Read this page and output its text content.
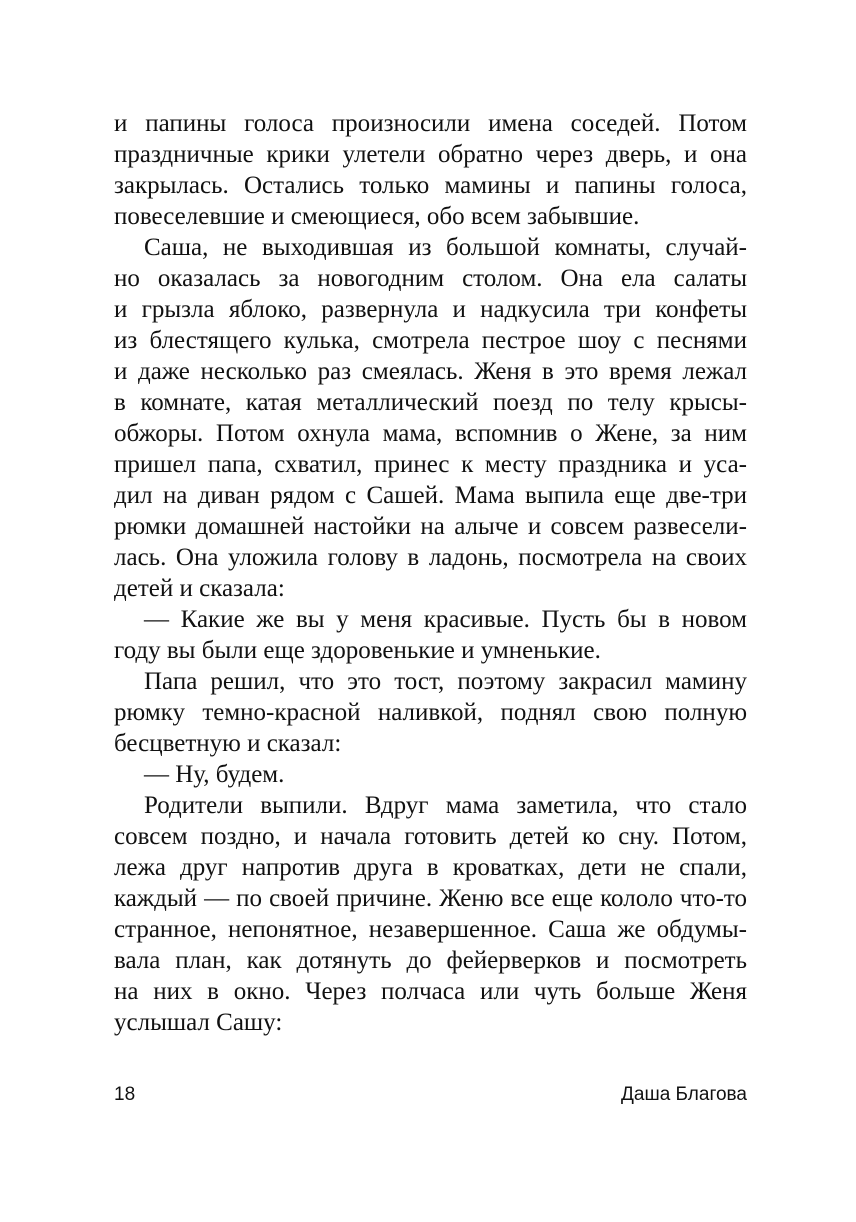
и папины голоса произносили имена соседей. Потом
праздничные крики улетели обратно через дверь, и она
закрылась. Остались только мамины и папины голоса,
повеселевшие и смеющиеся, обо всем забывшие.
Саша, не выходившая из большой комнаты, случай-
но оказалась за новогодним столом. Она ела салаты
и грызла яблоко, развернула и надкусила три конфеты
из блестящего кулька, смотрела пестрое шоу с песнями
и даже несколько раз смеялась. Женя в это время лежал
в комнате, катая металлический поезд по телу крысы-
обжоры. Потом охнула мама, вспомнив о Жене, за ним
пришел папа, схватил, принес к месту праздника и уса-
дил на диван рядом с Сашей. Мама выпила еще две-три
рюмки домашней настойки на алыче и совсем развесели-
лась. Она уложила голову в ладонь, посмотрела на своих
детей и сказала:
— Какие же вы у меня красивые. Пусть бы в новом
году вы были еще здоровенькие и умненькие.
Папа решил, что это тост, поэтому закрасил мамину
рюмку темно-красной наливкой, поднял свою полную
бесцветную и сказал:
— Ну, будем.
Родители выпили. Вдруг мама заметила, что стало
совсем поздно, и начала готовить детей ко сну. Потом,
лежа друг напротив друга в кроватках, дети не спали,
каждый — по своей причине. Женю все еще кололо что-то
странное, непонятное, незавершенное. Саша же обдумы-
вала план, как дотянуть до фейерверков и посмотреть
на них в окно. Через полчаса или чуть больше Женя
услышал Сашу:
18	Даша Благова
